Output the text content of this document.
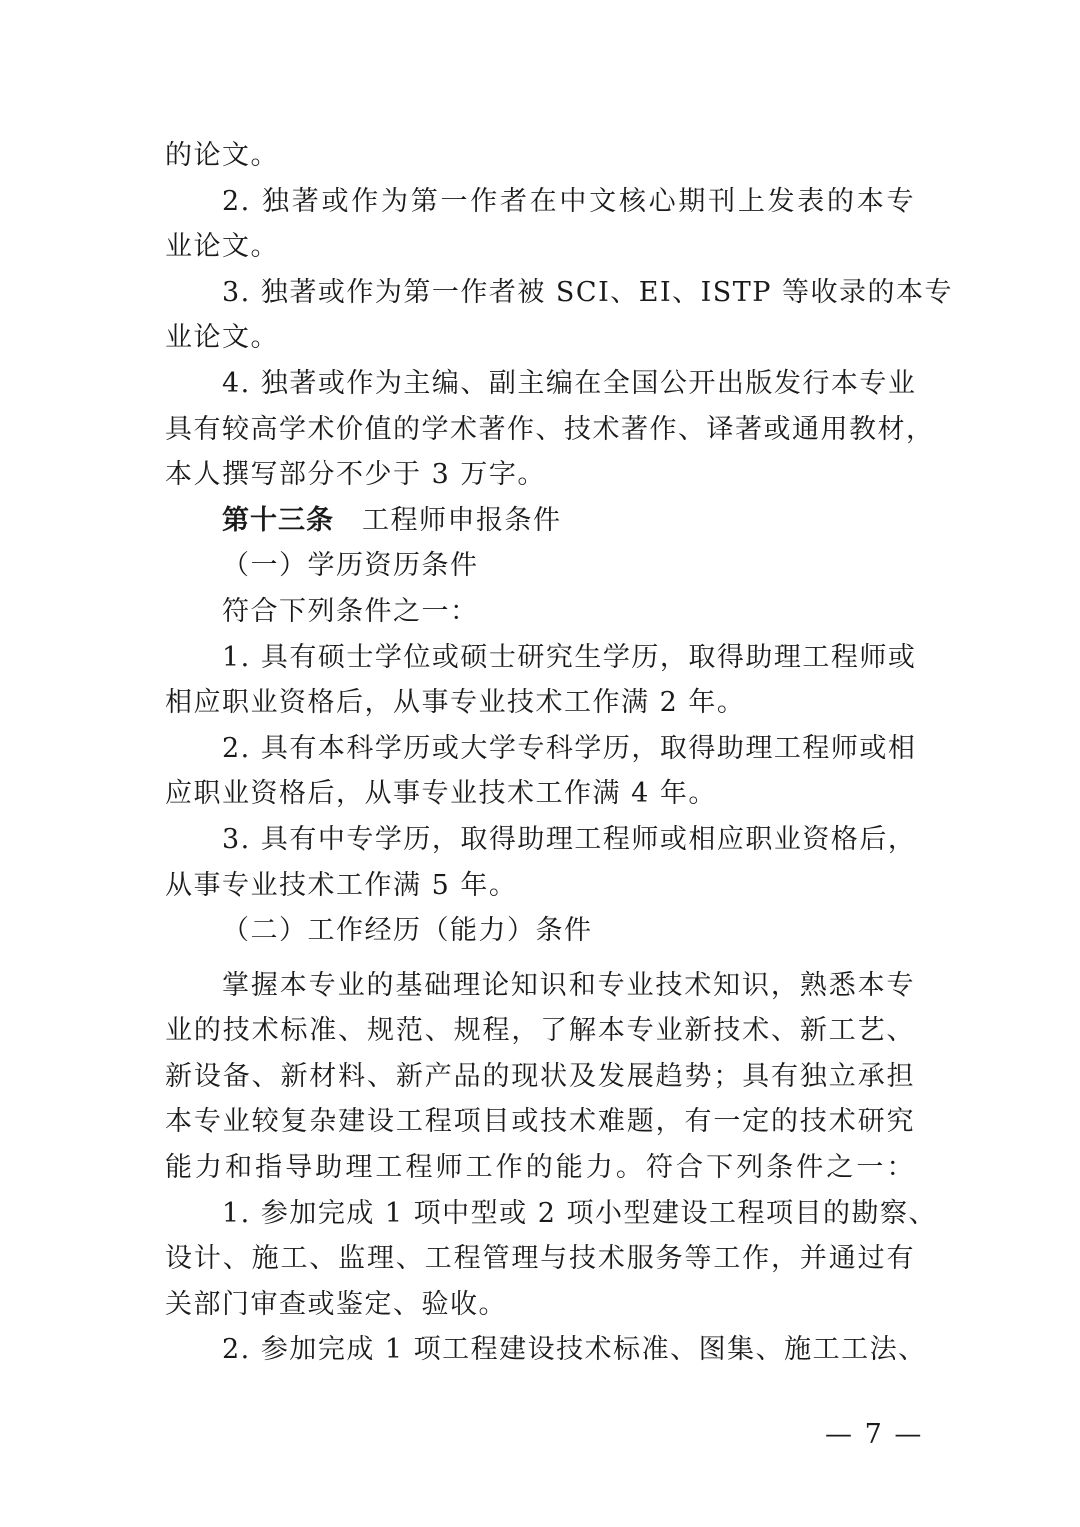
的论文。
2. 独著或作为第一作者在中文核心期刊上发表的本专
业论文。
3. 独著或作为第一作者被 SCI、EI、ISTP 等收录的本专
业论文。
4. 独著或作为主编、副主编在全国公开出版发行本专业
具有较高学术价值的学术著作、技术著作、译著或通用教材，
本人撰写部分不少于 3 万字。
第十三条 工程师申报条件
（一）学历资历条件
符合下列条件之一：
1. 具有硕士学位或硕士研究生学历，取得助理工程师或
相应职业资格后，从事专业技术工作满 2 年。
2. 具有本科学历或大学专科学历，取得助理工程师或相
应职业资格后，从事专业技术工作满 4 年。
3. 具有中专学历，取得助理工程师或相应职业资格后，
从事专业技术工作满 5 年。
（二）工作经历（能力）条件
掌握本专业的基础理论知识和专业技术知识，熟悉本专
业的技术标准、规范、规程，了解本专业新技术、新工艺、
新设备、新材料、新产品的现状及发展趋势；具有独立承担
本专业较复杂建设工程项目或技术难题，有一定的技术研究
能力和指导助理工程师工作的能力。符合下列条件之一：
1. 参加完成 1 项中型或 2 项小型建设工程项目的勘察、
设计、施工、监理、工程管理与技术服务等工作，并通过有
关部门审查或鉴定、验收。
2. 参加完成 1 项工程建设技术标准、图集、施工工法、
— 7 —
